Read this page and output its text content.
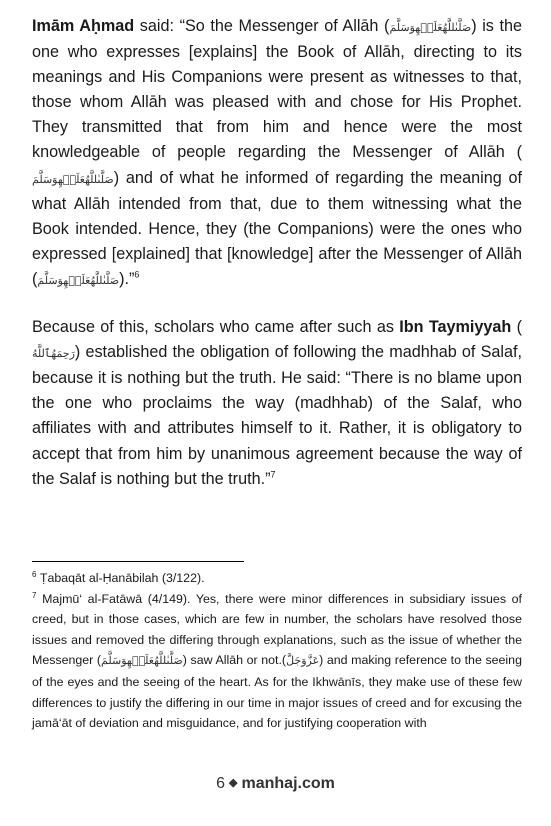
Imām Aḥmad said: “So the Messenger of Allāh (صَلَّىٰللَّهُعَلَيۡهِوَسَلَّمَ) is the one who expresses [explains] the Book of Allāh, directing to its meanings and His Companions were present as witnesses to that, those whom Allāh was pleased with and chose for His Prophet. They transmitted that from him and hence were the most knowledgeable of people regarding the Messenger of Allāh (صَلَّىٰللَّهُعَلَيۡهِوَسَلَّمَ) and of what he informed of regarding the meaning of what Allāh intended from that, due to them witnessing what the Book intended. Hence, they (the Companions) were the ones who expressed [explained] that [knowledge] after the Messenger of Allāh (صَلَّىٰللَّهُعَلَيۡهِوَسَلَّمَ).”$^6$

Because of this, scholars who came after such as Ibn Taymiyyah (رَحِمَهُٱللَّهُ) established the obligation of following the madhhab of Salaf, because it is nothing but the truth. He said: “There is no blame upon the one who proclaims the way (madhhab) of the Salaf, who affiliates with and attributes himself to it. Rather, it is obligatory to accept that from him by unanimous agreement because the way of the Salaf is nothing but the truth.”$^7$

$^6$ Ṭabaqāt al-Ḥanābilah (3/122).

$^7$ Majmū‘ al-Fatāwā (4/149). Yes, there were minor differences in subsidiary issues of creed, but in those cases, which are few in number, the scholars have resolved those issues and removed the differing through explanations, such as the issue of whether the Messenger (صَلَّىٰللَّهُعَلَيۡهِوَسَلَّمَ) saw Allāh or not.(عَزَّوَجَلَّ) and making reference to the seeing of the eyes and the seeing of the heart. As for the Ikhwānīs, they make use of these few differences to justify the differing in our time in major issues of creed and for excusing the jamā‘āt of deviation and misguidance, and for justifying cooperation with

6 ◆ manhaj.com
